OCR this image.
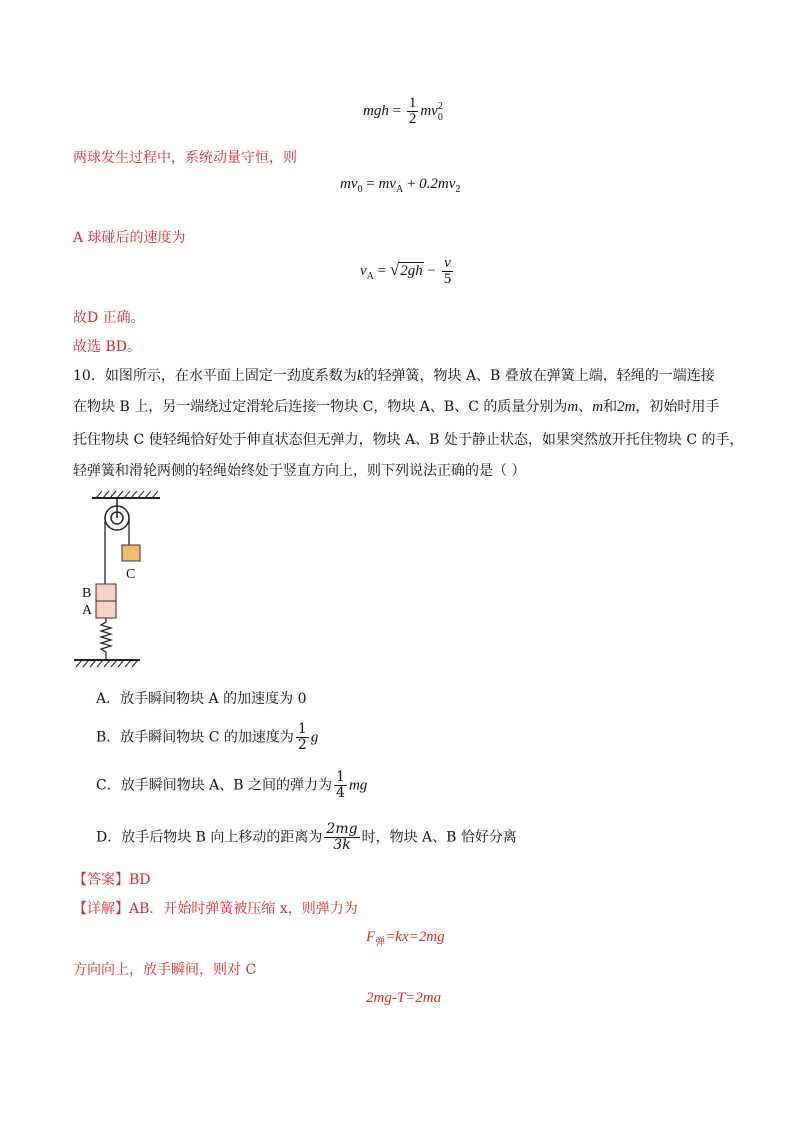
mgh = $\frac{1}{2}$ mv 2
0
两球发生过程中，系统动量守恒，则
$mv_0 = mv_A + 0.2mv_2$
A 球碰后的速度为
$v_A = √2gh - \frac{v}{5}$
故D 正确。
故选 BD。
10．如图所示，在水平面上固定一劲度系数为k的轻弹簧，物块 A、B 叠放在弹簧上端，轻绳的一端连接
在物块 B 上，另一端绕过定滑轮后连接一物块 C，物块 A、B、C 的质量分别为m、m和2m，初始时用手
托住物块 C 使轻绳恰好处于伸直状态但无弹力，物块 A、B 处于静止状态，如果突然放开托住物块 C 的手，
轻弹簧和滑轮两侧的轻绳始终处于竖直方向上，则下列说法正确的是（ ）
C
B
A
A．放手瞬间物块 A 的加速度为 0
B．放手瞬间物块 C 的加速度为 $\frac{1}{2}$ g
C．放手瞬间物块 A、B 之间的弹力为 $\frac{1}{4}$ mg
D．放手后物块 B 向上移动的距离为 $\frac{2mg}{3k}$ 时，物块 A、B 恰好分离
【答案】BD
【详解】AB．开始时弹簧被压缩 x，则弹力为
$F_弹=kx=2mg$
方向向上，放手瞬间，则对 C
2mg-T=2ma
